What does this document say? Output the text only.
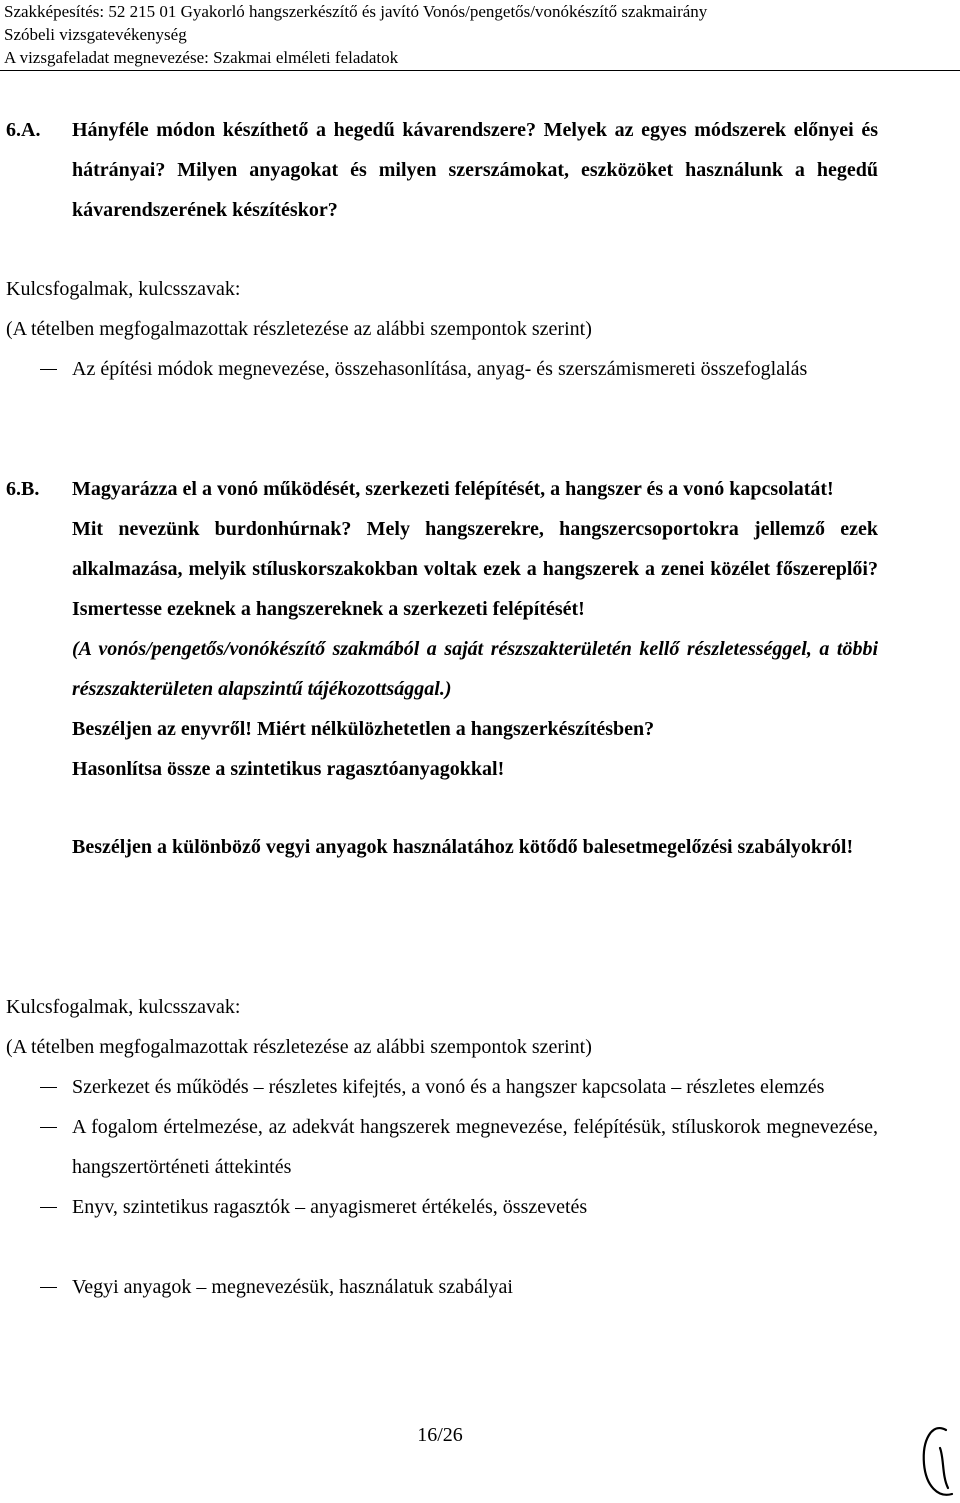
Szakképesítés: 52 215 01 Gyakorló hangszerkészítő és javító Vonós/pengetős/vonókészítő szakmairány
Szóbeli vizsgatevékenység
A vizsgafeladat megnevezése: Szakmai elméleti feladatok
6.A. Hányféle módon készíthető a hegedű kávarendszere? Melyek az egyes módszerek előnyei és hátrányai? Milyen anyagokat és milyen szerszámokat, eszközöket használunk a hegedű kávarendszerének készítéskor?
Kulcsfogalmak, kulcsszavak:
(A tételben megfogalmazottak részletezése az alábbi szempontok szerint)
Az építési módok megnevezése, összehasonlítása, anyag- és szerszámismereti összefoglalás
6.B. Magyarázza el a vonó működését, szerkezeti felépítését, a hangszer és a vonó kapcsolatát!
Mit nevezünk burdonhúrnak? Mely hangszerekre, hangszercsoportokra jellemző ezek alkalmazása, melyik stíluskorszakokban voltak ezek a hangszerek a zenei közélet főszereplői? Ismertesse ezeknek a hangszereknek a szerkezeti felépítését!
(A vonós/pengetős/vonókészítő szakmából a saját részszakterületén kellő részletességgel, a többi részszakterületen alapszintű tájékozottsággal.)
Beszéljen az enyvről! Miért nélkülözhetetlen a hangszerkészítésben?
Hasonlítsa össze a szintetikus ragasztóanyagokkal!
Beszéljen a különböző vegyi anyagok használatához kötődő balesetmegelőzési szabályokról!
Kulcsfogalmak, kulcsszavak:
(A tételben megfogalmazottak részletezése az alábbi szempontok szerint)
Szerkezet és működés – részletes kifejtés, a vonó és a hangszer kapcsolata – részletes elemzés
A fogalom értelmezése, az adekvát hangszerek megnevezése, felépítésük, stíluskorok megnevezése, hangszertörténeti áttekintés
Enyv, szintetikus ragasztók – anyagismeret értékelés, összevetés
Vegyi anyagok – megnevezésük, használatuk szabályai
16/26
